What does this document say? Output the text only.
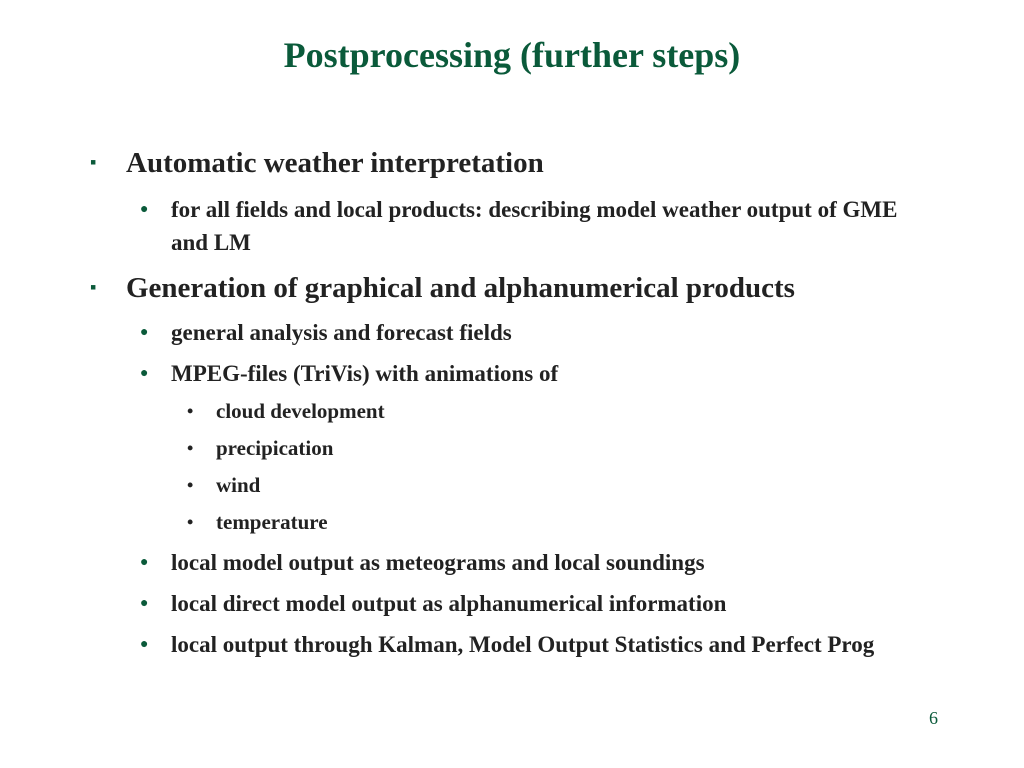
Postprocessing (further steps)
▪	Automatic weather interpretation
● for all fields and local products: describing model weather output of GME and LM
▪	Generation of graphical and alphanumerical products
● general analysis and forecast fields
● MPEG-files (TriVis) with animations of
•	cloud development
•	precipication
•	wind
•	temperature
● local model output as meteograms and local soundings
● local direct model output as alphanumerical information
● local output through Kalman, Model Output Statistics and Perfect Prog
6
